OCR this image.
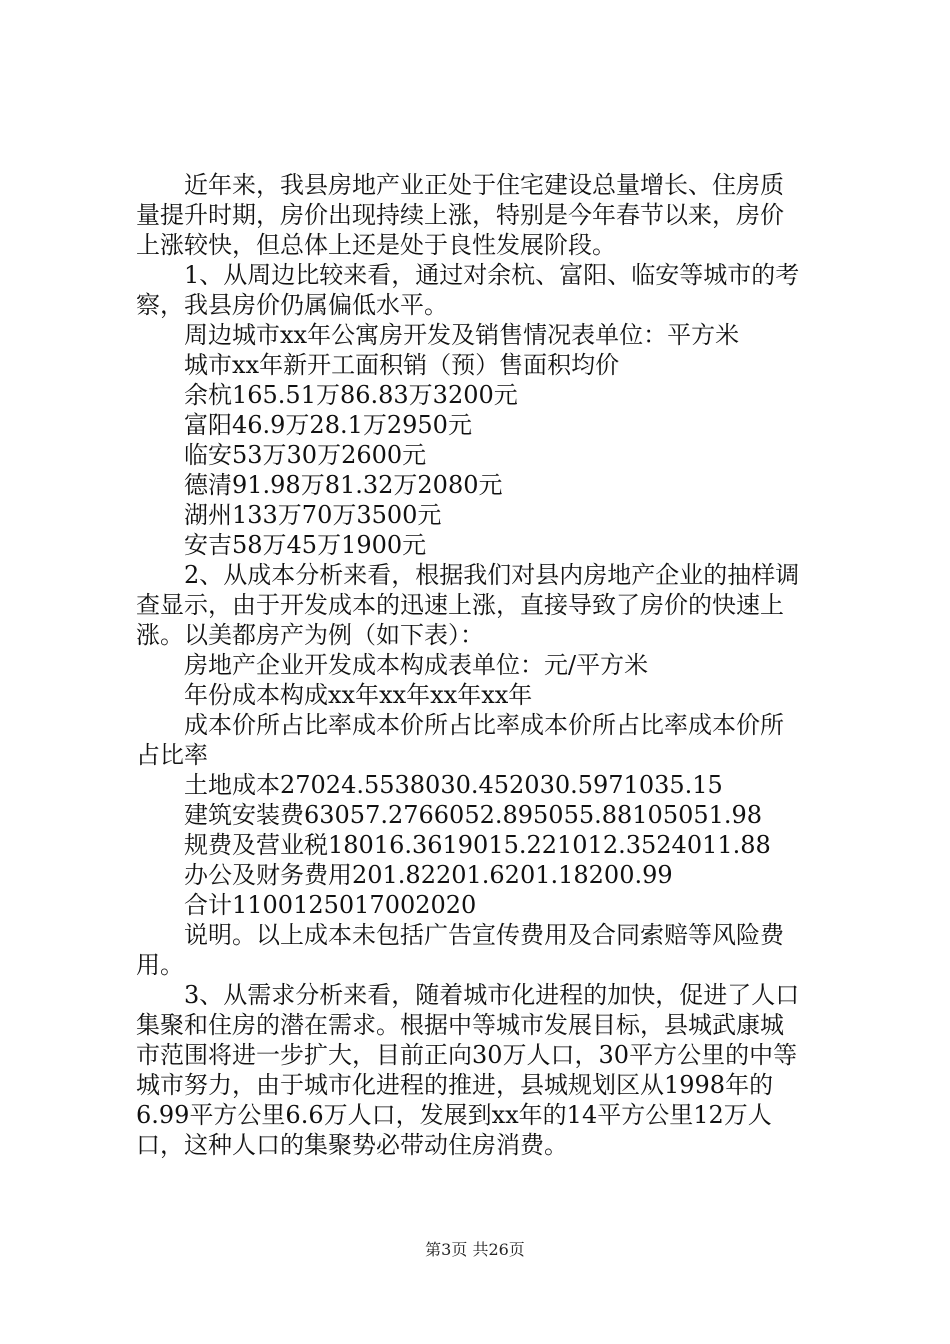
近年来，我县房地产业正处于住宅建设总量增长、住房质
量提升时期，房价出现持续上涨，特别是今年春节以来，房价
上涨较快，但总体上还是处于良性发展阶段。
1、从周边比较来看，通过对余杭、富阳、临安等城市的考
察，我县房价仍属偏低水平。
周边城市xx年公寓房开发及销售情况表单位：平方米
城市xx年新开工面积销（预）售面积均价
余杭165.51万86.83万3200元
富阳46.9万28.1万2950元
临安53万30万2600元
德清91.98万81.32万2080元
湖州133万70万3500元
安吉58万45万1900元
2、从成本分析来看，根据我们对县内房地产企业的抽样调
查显示，由于开发成本的迅速上涨，直接导致了房价的快速上
涨。以美都房产为例（如下表）：
房地产企业开发成本构成表单位：元/平方米
年份成本构成xx年xx年xx年xx年
成本价所占比率成本价所占比率成本价所占比率成本价所
占比率
土地成本27024.5538030.452030.5971035.15
建筑安装费63057.2766052.895055.88105051.98
规费及营业税18016.3619015.221012.3524011.88
办公及财务费用201.82201.6201.18200.99
合计1100125017002020
说明。以上成本未包括广告宣传费用及合同索赔等风险费
用。
3、从需求分析来看，随着城市化进程的加快，促进了人口
集聚和住房的潜在需求。根据中等城市发展目标，县城武康城
市范围将进一步扩大，目前正向30万人口，30平方公里的中等
城市努力，由于城市化进程的推进，县城规划区从1998年的
6.99平方公里6.6万人口，发展到xx年的14平方公里12万人
口，这种人口的集聚势必带动住房消费。
第3页 共26页
